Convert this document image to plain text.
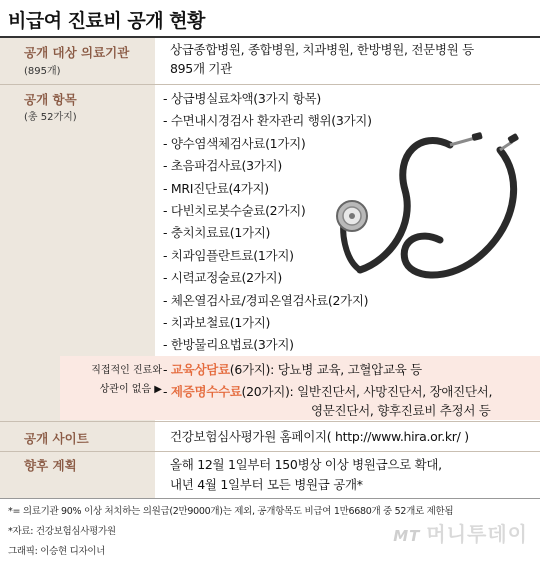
비급여 진료비 공개 현황
공개 대상 의료기관
(895개)
상급종합병원, 종합병원, 치과병원, 한방병원, 전문병원 등
895개 기관
공개 항목
(총 52가지)
- 상급병실료차액(3가지 항목)
- 수면내시경검사 환자관리 행위(3가지)
- 양수염색체검사료(1가지)
- 초음파검사료(3가지)
- MRI진단료(4가지)
- 다빈치로봇수술료(2가지)
- 충치치료료(1가지)
- 치과임플란트료(1가지)
- 시력교정술료(2가지)
- 체온열검사료/경피온열검사료(2가지)
- 치과보철료(1가지)
- 한방물리요법료(3가지)
직접적인 진료와
상관이 없음 ▶
- 교육상담료(6가지): 당뇨병 교육, 고혈압교육 등
- 제증명수수료(20가지): 일반진단서, 사망진단서, 장애진단서,
영문진단서, 향후진료비 추정서 등
공개 사이트	건강보험심사평가원 홈페이지( http://www.hira.or.kr/ )
향후 계획	올해 12월 1일부터 150병상 이상 병원급으로 확대,
내년 4월 1일부터 모든 병원급 공개*
*= 의료기관 90% 이상 처치하는 의원급(2만9000개)는 제외, 공개항목도 비급여 1만6680개 중 52개로 제한됨
*자료: 건강보험심사평가원
그래픽: 이승현 디자이너
MT 머니투데이
